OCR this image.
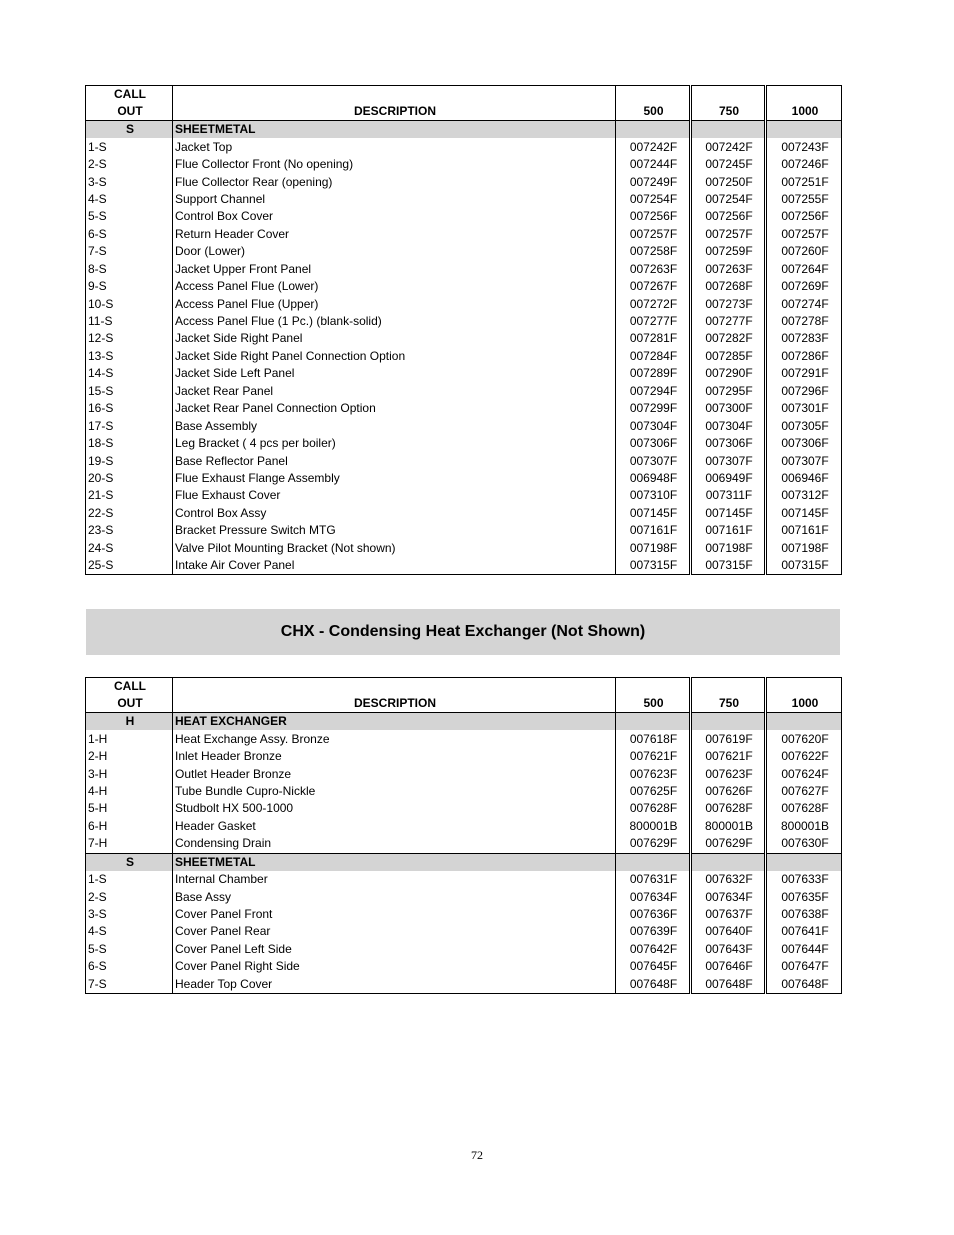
CALL				
OUT	DESCRIPTION	500	750	1000
S	SHEETMETAL			
1-S	Jacket Top	007242F	007242F	007243F
2-S	Flue Collector Front (No opening)	007244F	007245F	007246F
3-S	Flue Collector Rear (opening)	007249F	007250F	007251F
4-S	Support Channel	007254F	007254F	007255F
5-S	Control Box Cover	007256F	007256F	007256F
6-S	Return Header Cover	007257F	007257F	007257F
7-S	Door (Lower)	007258F	007259F	007260F
8-S	Jacket Upper Front Panel	007263F	007263F	007264F
9-S	Access Panel Flue (Lower)	007267F	007268F	007269F
10-S	Access Panel Flue (Upper)	007272F	007273F	007274F
11-S	Access Panel Flue (1 Pc.) (blank-solid)	007277F	007277F	007278F
12-S	Jacket Side Right Panel	007281F	007282F	007283F
13-S	Jacket Side Right Panel Connection Option	007284F	007285F	007286F
14-S	Jacket Side Left Panel	007289F	007290F	007291F
15-S	Jacket Rear Panel	007294F	007295F	007296F
16-S	Jacket Rear Panel Connection Option	007299F	007300F	007301F
17-S	Base Assembly	007304F	007304F	007305F
18-S	Leg Bracket ( 4 pcs per boiler)	007306F	007306F	007306F
19-S	Base Reflector Panel	007307F	007307F	007307F
20-S	Flue Exhaust Flange Assembly	006948F	006949F	006946F
21-S	Flue Exhaust Cover	007310F	007311F	007312F
22-S	Control Box Assy	007145F	007145F	007145F
23-S	Bracket Pressure Switch MTG	007161F	007161F	007161F
24-S	Valve Pilot Mounting Bracket (Not shown)	007198F	007198F	007198F
25-S	Intake Air Cover Panel	007315F	007315F	007315F
CHX - Condensing Heat Exchanger (Not Shown)
CALL				
OUT	DESCRIPTION	500	750	1000
H	HEAT EXCHANGER			
1-H	Heat Exchange Assy. Bronze	007618F	007619F	007620F
2-H	Inlet Header Bronze	007621F	007621F	007622F
3-H	Outlet Header Bronze	007623F	007623F	007624F
4-H	Tube Bundle Cupro-Nickle	007625F	007626F	007627F
5-H	Studbolt HX 500-1000	007628F	007628F	007628F
6-H	Header Gasket	800001B	800001B	800001B
7-H	Condensing Drain	007629F	007629F	007630F
S	SHEETMETAL			
1-S	Internal Chamber	007631F	007632F	007633F
2-S	Base Assy	007634F	007634F	007635F
3-S	Cover Panel Front	007636F	007637F	007638F
4-S	Cover Panel Rear	007639F	007640F	007641F
5-S	Cover Panel Left Side	007642F	007643F	007644F
6-S	Cover Panel Right Side	007645F	007646F	007647F
7-S	Header Top Cover	007648F	007648F	007648F
72
